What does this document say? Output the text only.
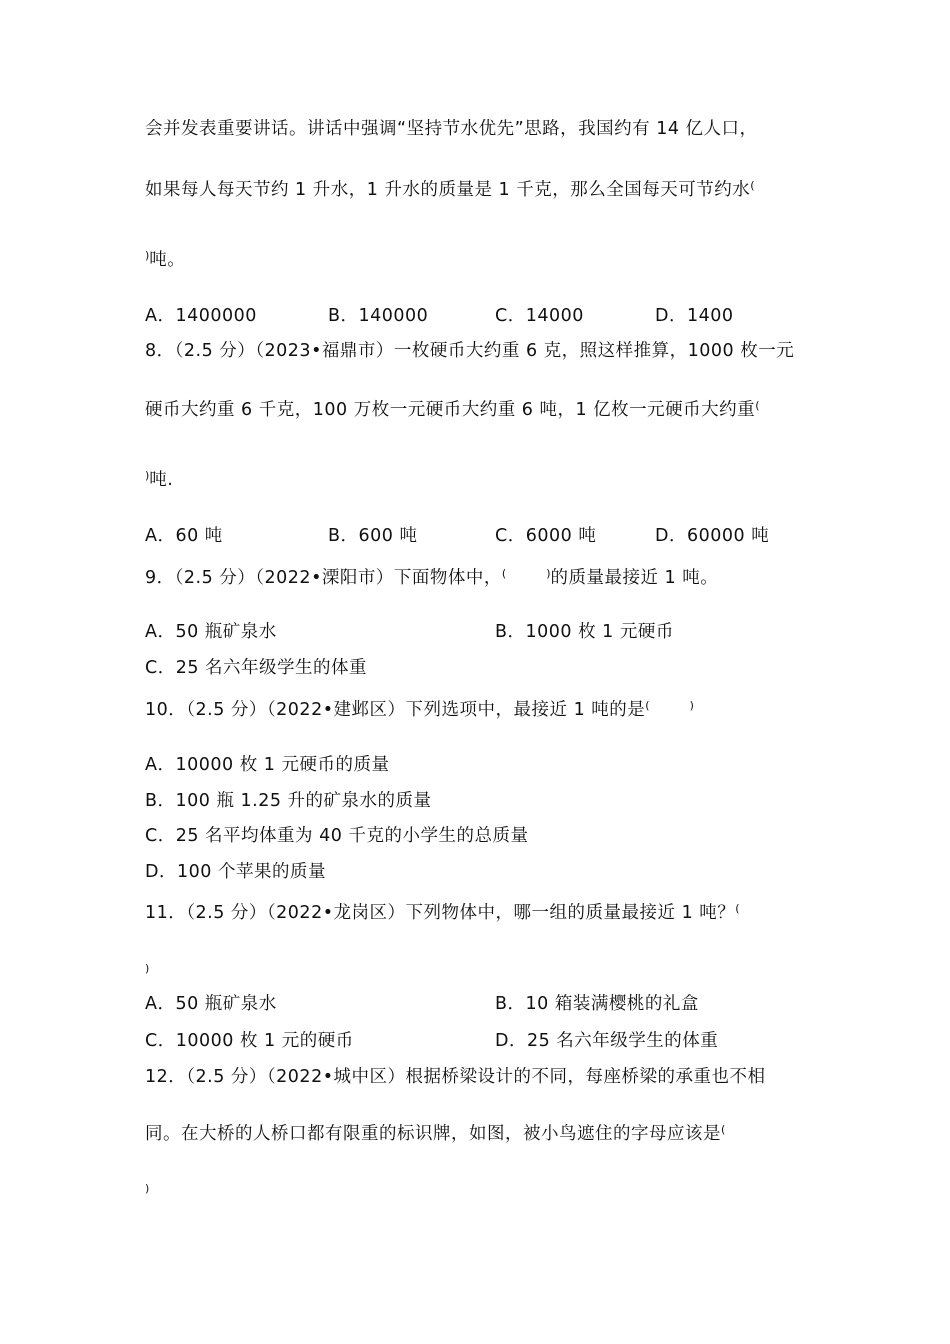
会并发表重要讲话。讲话中强调“坚持节水优先”思路，我国约有 14 亿人口，
如果每人每天节约 1 升水，1 升水的质量是 1 千克，那么全国每天可节约水(
)吨。
A．1400000	B．140000	C．14000	D．1400
8．（2.5 分）（2023•福鼎市）一枚硬币大约重 6 克，照这样推算，1000 枚一元
硬币大约重 6 千克，100 万枚一元硬币大约重 6 吨，1 亿枚一元硬币大约重(
)吨.
A．60 吨	B．600 吨	C．6000 吨	D．60000 吨
9．（2.5 分）（2022•溧阳市）下面物体中，(	)的质量最接近 1 吨。
A．50 瓶矿泉水	B．1000 枚 1 元硬币
C．25 名六年级学生的体重
10．（2.5 分）（2022•建邺区）下列选项中，最接近 1 吨的是(	)
A．10000 枚 1 元硬币的质量
B．100 瓶 1.25 升的矿泉水的质量
C．25 名平均体重为 40 千克的小学生的总质量
D．100 个苹果的质量
11．（2.5 分）（2022•龙岗区）下列物体中，哪一组的质量最接近 1 吨？(
)
A．50 瓶矿泉水	B．10 箱装满樱桃的礼盒
C．10000 枚 1 元的硬币	D．25 名六年级学生的体重
12．（2.5 分）（2022•城中区）根据桥梁设计的不同，每座桥梁的承重也不相
同。在大桥的人桥口都有限重的标识牌，如图，被小鸟遮住的字母应该是(
)
